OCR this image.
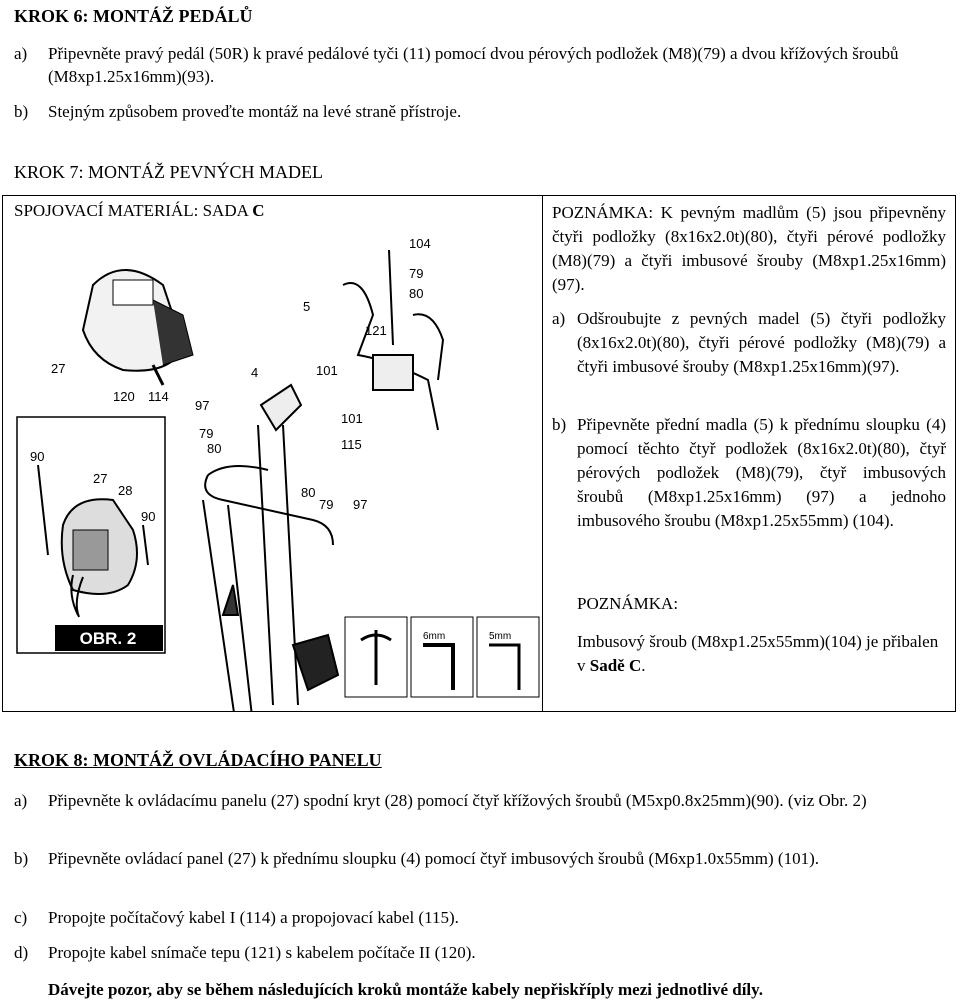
KROK 6: MONTÁŽ PEDÁLŮ
a)	Připevněte pravý pedál (50R) k pravé pedálové tyči (11) pomocí dvou pérových podložek (M8)(79) a dvou křížových šroubů (M8xp1.25x16mm)(93).
b)	Stejným způsobem proveďte montáž na levé straně přístroje.
KROK 7: MONTÁŽ PEVNÝCH MADEL
SPOJOVACÍ MATERIÁL: SADA C	POZNÁMKA: K pevným madlům (5) jsou připevněny čtyři podložky (8x16x2.0t)(80), čtyři pérové podložky (M8)(79) a čtyři imbusové šrouby (M8xp1.25x16mm)(97).
a) Odšroubujte z pevných madel (5) čtyři podložky (8x16x2.0t)(80), čtyři pérové podložky (M8)(79) a čtyři imbusové šrouby (M8xp1.25x16mm)(97).
b) Připevněte přední madla (5) k přednímu sloupku (4) pomocí těchto čtyř podložek (8x16x2.0t)(80), čtyř pérových podložek (M8)(79), čtyř imbusových šroubů (M8xp1.25x16mm) (97) a jednoho imbusového šroubu (M8xp1.25x55mm) (104).
POZNÁMKA:
Imbusový šroub (M8xp1.25x55mm)(104) je přibalen v Sadě C.
OBR. 2	6mm	5mm
104
79
80
5
121
27	4	101
120 114
97
79
80
101
115
90
27
28
90
80
79 97
KROK 8: MONTÁŽ OVLÁDACÍHO PANELU
a)	Připevněte k ovládacímu panelu (27) spodní kryt (28) pomocí čtyř křížových šroubů (M5xp0.8x25mm)(90). (viz Obr. 2)
b)	Připevněte ovládací panel (27) k přednímu sloupku (4) pomocí čtyř imbusových šroubů (M6xp1.0x55mm) (101).
c)	Propojte počítačový kabel I (114) a propojovací kabel (115).
d)	Propojte kabel snímače tepu (121) s kabelem počítače II (120).
Dávejte pozor, aby se během následujících kroků montáže kabely nepřiskříply mezi jednotlivé díly.
